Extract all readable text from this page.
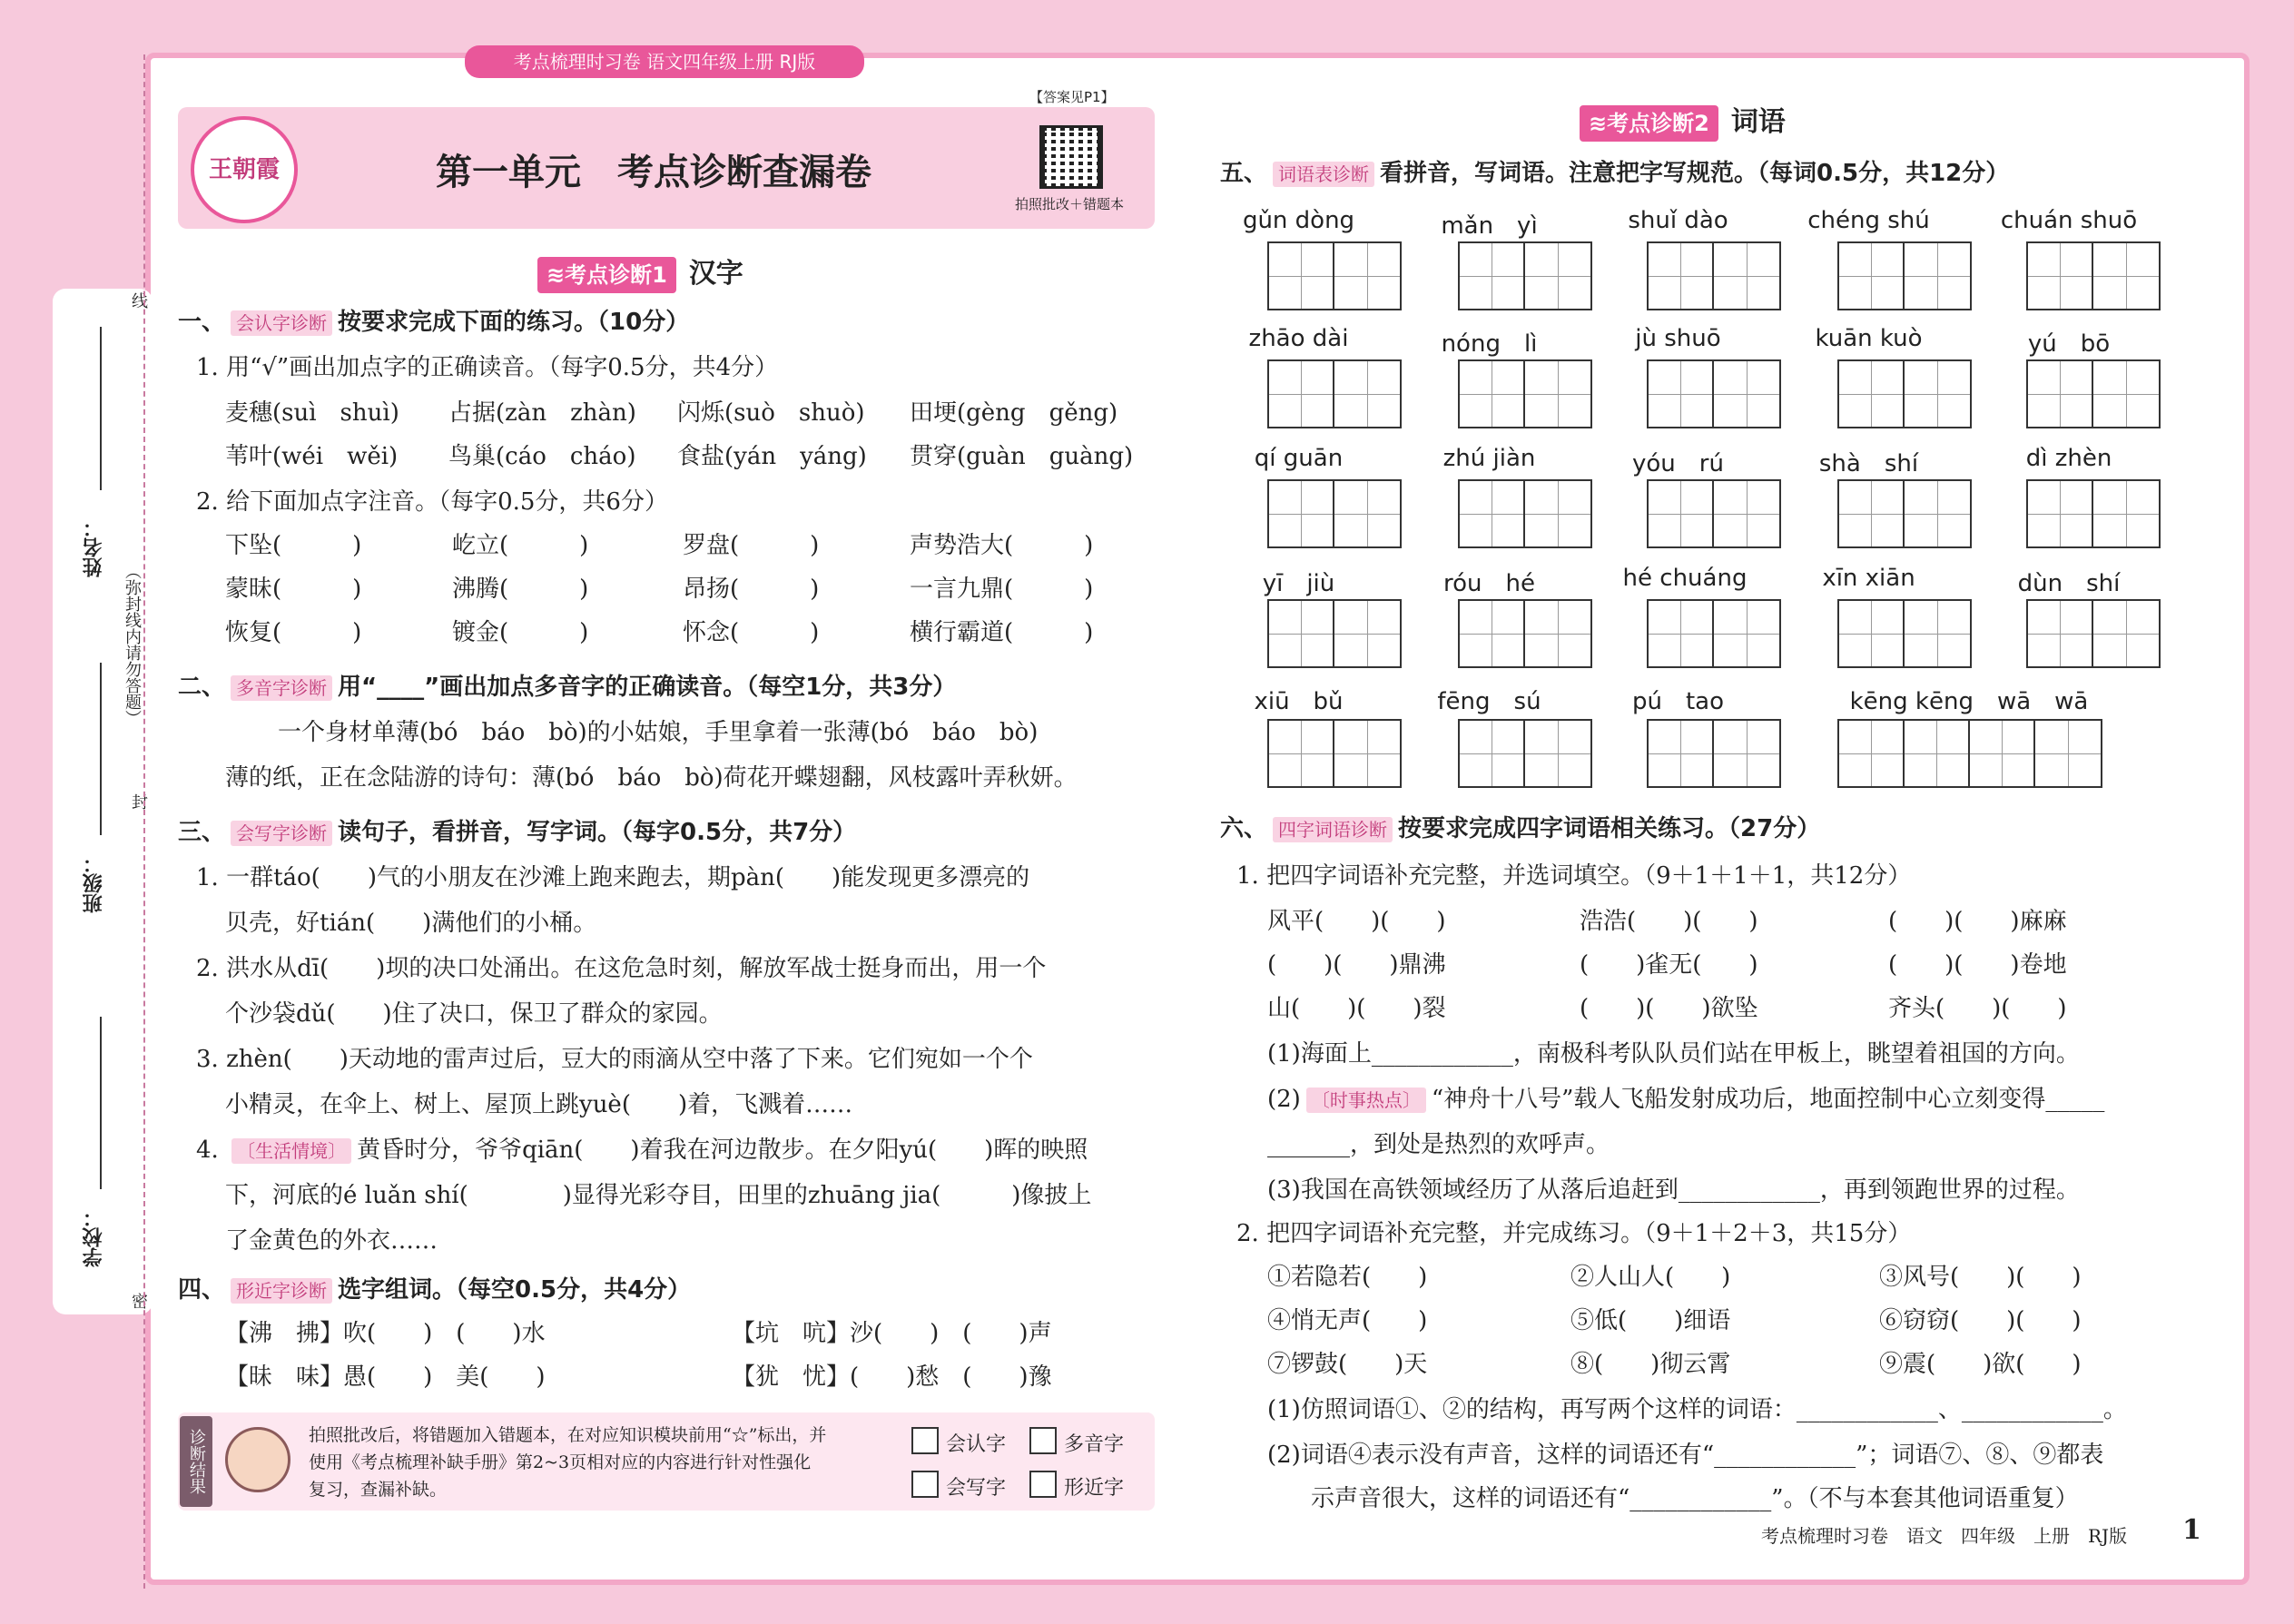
姓名：
班级：
学校：
（弥封线内请勿答题）
线
封
密
考点梳理时习卷 语文四年级上册 RJ版
王朝霞	第一单元　考点诊断查漏卷
【答案见P1】
拍照批改＋错题本
≋考点诊断1 汉字
一、 会认字诊断 按要求完成下面的练习。（10分）
1. 用“√”画出加点字的正确读音。（每字0.5分，共4分）
麦穗(suì　shuì) 占据(zàn　zhàn) 闪烁(suò　shuò) 田埂(gèng　gěng)
苇叶(wéi　wěi) 鸟巢(cáo　cháo) 食盐(yán　yáng) 贯穿(guàn　guàng)
2. 给下面加点字注音。（每字0.5分，共6分）
下坠(　　　)	屹立(　　　)	罗盘(　　　)	声势浩大(　　　)
蒙昧(　　　)	沸腾(　　　)	昂扬(　　　)	一言九鼎(　　　)
恢复(　　　)	镀金(　　　)	怀念(　　　)	横行霸道(　　　)
二、 多音字诊断 用“____”画出加点多音字的正确读音。（每空1分，共3分）
一个身材单薄(bó　báo　bò)的小姑娘，手里拿着一张薄(bó　báo　bò)
薄的纸，正在念陆游的诗句：薄(bó　báo　bò)荷花开蝶翅翻，风枝露叶弄秋妍。
三、 会写字诊断 读句子，看拼音，写字词。（每字0.5分，共7分）
1. 一群táo(　　)气的小朋友在沙滩上跑来跑去，期pàn(　　)能发现更多漂亮的
贝壳，好tián(　　)满他们的小桶。
2. 洪水从dī(　　)坝的决口处涌出。在这危急时刻，解放军战士挺身而出，用一个
个沙袋dǔ(　　)住了决口，保卫了群众的家园。
3. zhèn(　　)天动地的雷声过后，豆大的雨滴从空中落了下来。它们宛如一个个
小精灵，在伞上、树上、屋顶上跳yuè(　　)着，飞溅着……
4. 〔生活情境〕 黄昏时分，爷爷qiān(　　)着我在河边散步。在夕阳yú(　　)晖的映照
下，河底的é luǎn shí(　　　　)显得光彩夺目，田里的zhuāng jia(　　　)像披上
了金黄色的外衣……
四、 形近字诊断 选字组词。（每空0.5分，共4分）
【沸　拂】吹(　　)　(　　)水	【坑　吭】沙(　　)　(　　)声
【昧　味】愚(　　)　美(　　)	【犹　忧】(　　)愁　(　　)豫
诊断结果	拍照批改后，将错题加入错题本，在对应知识模块前用“☆”标出，并
使用《考点梳理补缺手册》第2~3页相对应的内容进行针对性强化
复习，查漏补缺。
会认字	多音字
会写字	形近字
≋考点诊断2 词语
五、 词语表诊断 看拼音，写词语。注意把字写规范。（每词0.5分，共12分）
gǔn dòng	mǎn　yì	shuǐ dào	chéng shú	chuán shuō
zhāo dài	nóng　lì	jù shuō	kuān kuò	yú　bō
qí guān	zhú jiàn	yóu　rú	shà　shí	dì zhèn
yī　jiù	róu　hé	hé chuáng	xīn xiān	dùn　shí
xiū　bǔ	fēng　sú	pú　tao	kēng kēng　wā　wā
六、 四字词语诊断 按要求完成四字词语相关练习。（27分）
1. 把四字词语补充完整，并选词填空。（9＋1＋1＋1，共12分）
风平(　　)(　　)	浩浩(　　)(　　)	(　　)(　　)麻麻
(　　)(　　)鼎沸	(　　)雀无(　　)	(　　)(　　)卷地
山(　　)(　　)裂	(　　)(　　)欲坠	齐头(　　)(　　)
(1)海面上____________，南极科考队队员们站在甲板上，眺望着祖国的方向。
(2) 〔时事热点〕 “神舟十八号”载人飞船发射成功后，地面控制中心立刻变得_____
_______，到处是热烈的欢呼声。
(3)我国在高铁领域经历了从落后追赶到____________，再到领跑世界的过程。
2. 把四字词语补充完整，并完成练习。（9＋1＋2＋3，共15分）
①若隐若(　　)	②人山人(　　)	③风号(　　)(　　)
④悄无声(　　)	⑤低(　　)细语	⑥窃窃(　　)(　　)
⑦锣鼓(　　)天	⑧(　　)彻云霄	⑨震(　　)欲(　　)
(1)仿照词语①、②的结构，再写两个这样的词语：____________、____________。
(2)词语④表示没有声音，这样的词语还有“____________”；词语⑦、⑧、⑨都表
示声音很大，这样的词语还有“____________”。（不与本套其他词语重复）
考点梳理时习卷　语文　四年级　上册　RJ版 1
